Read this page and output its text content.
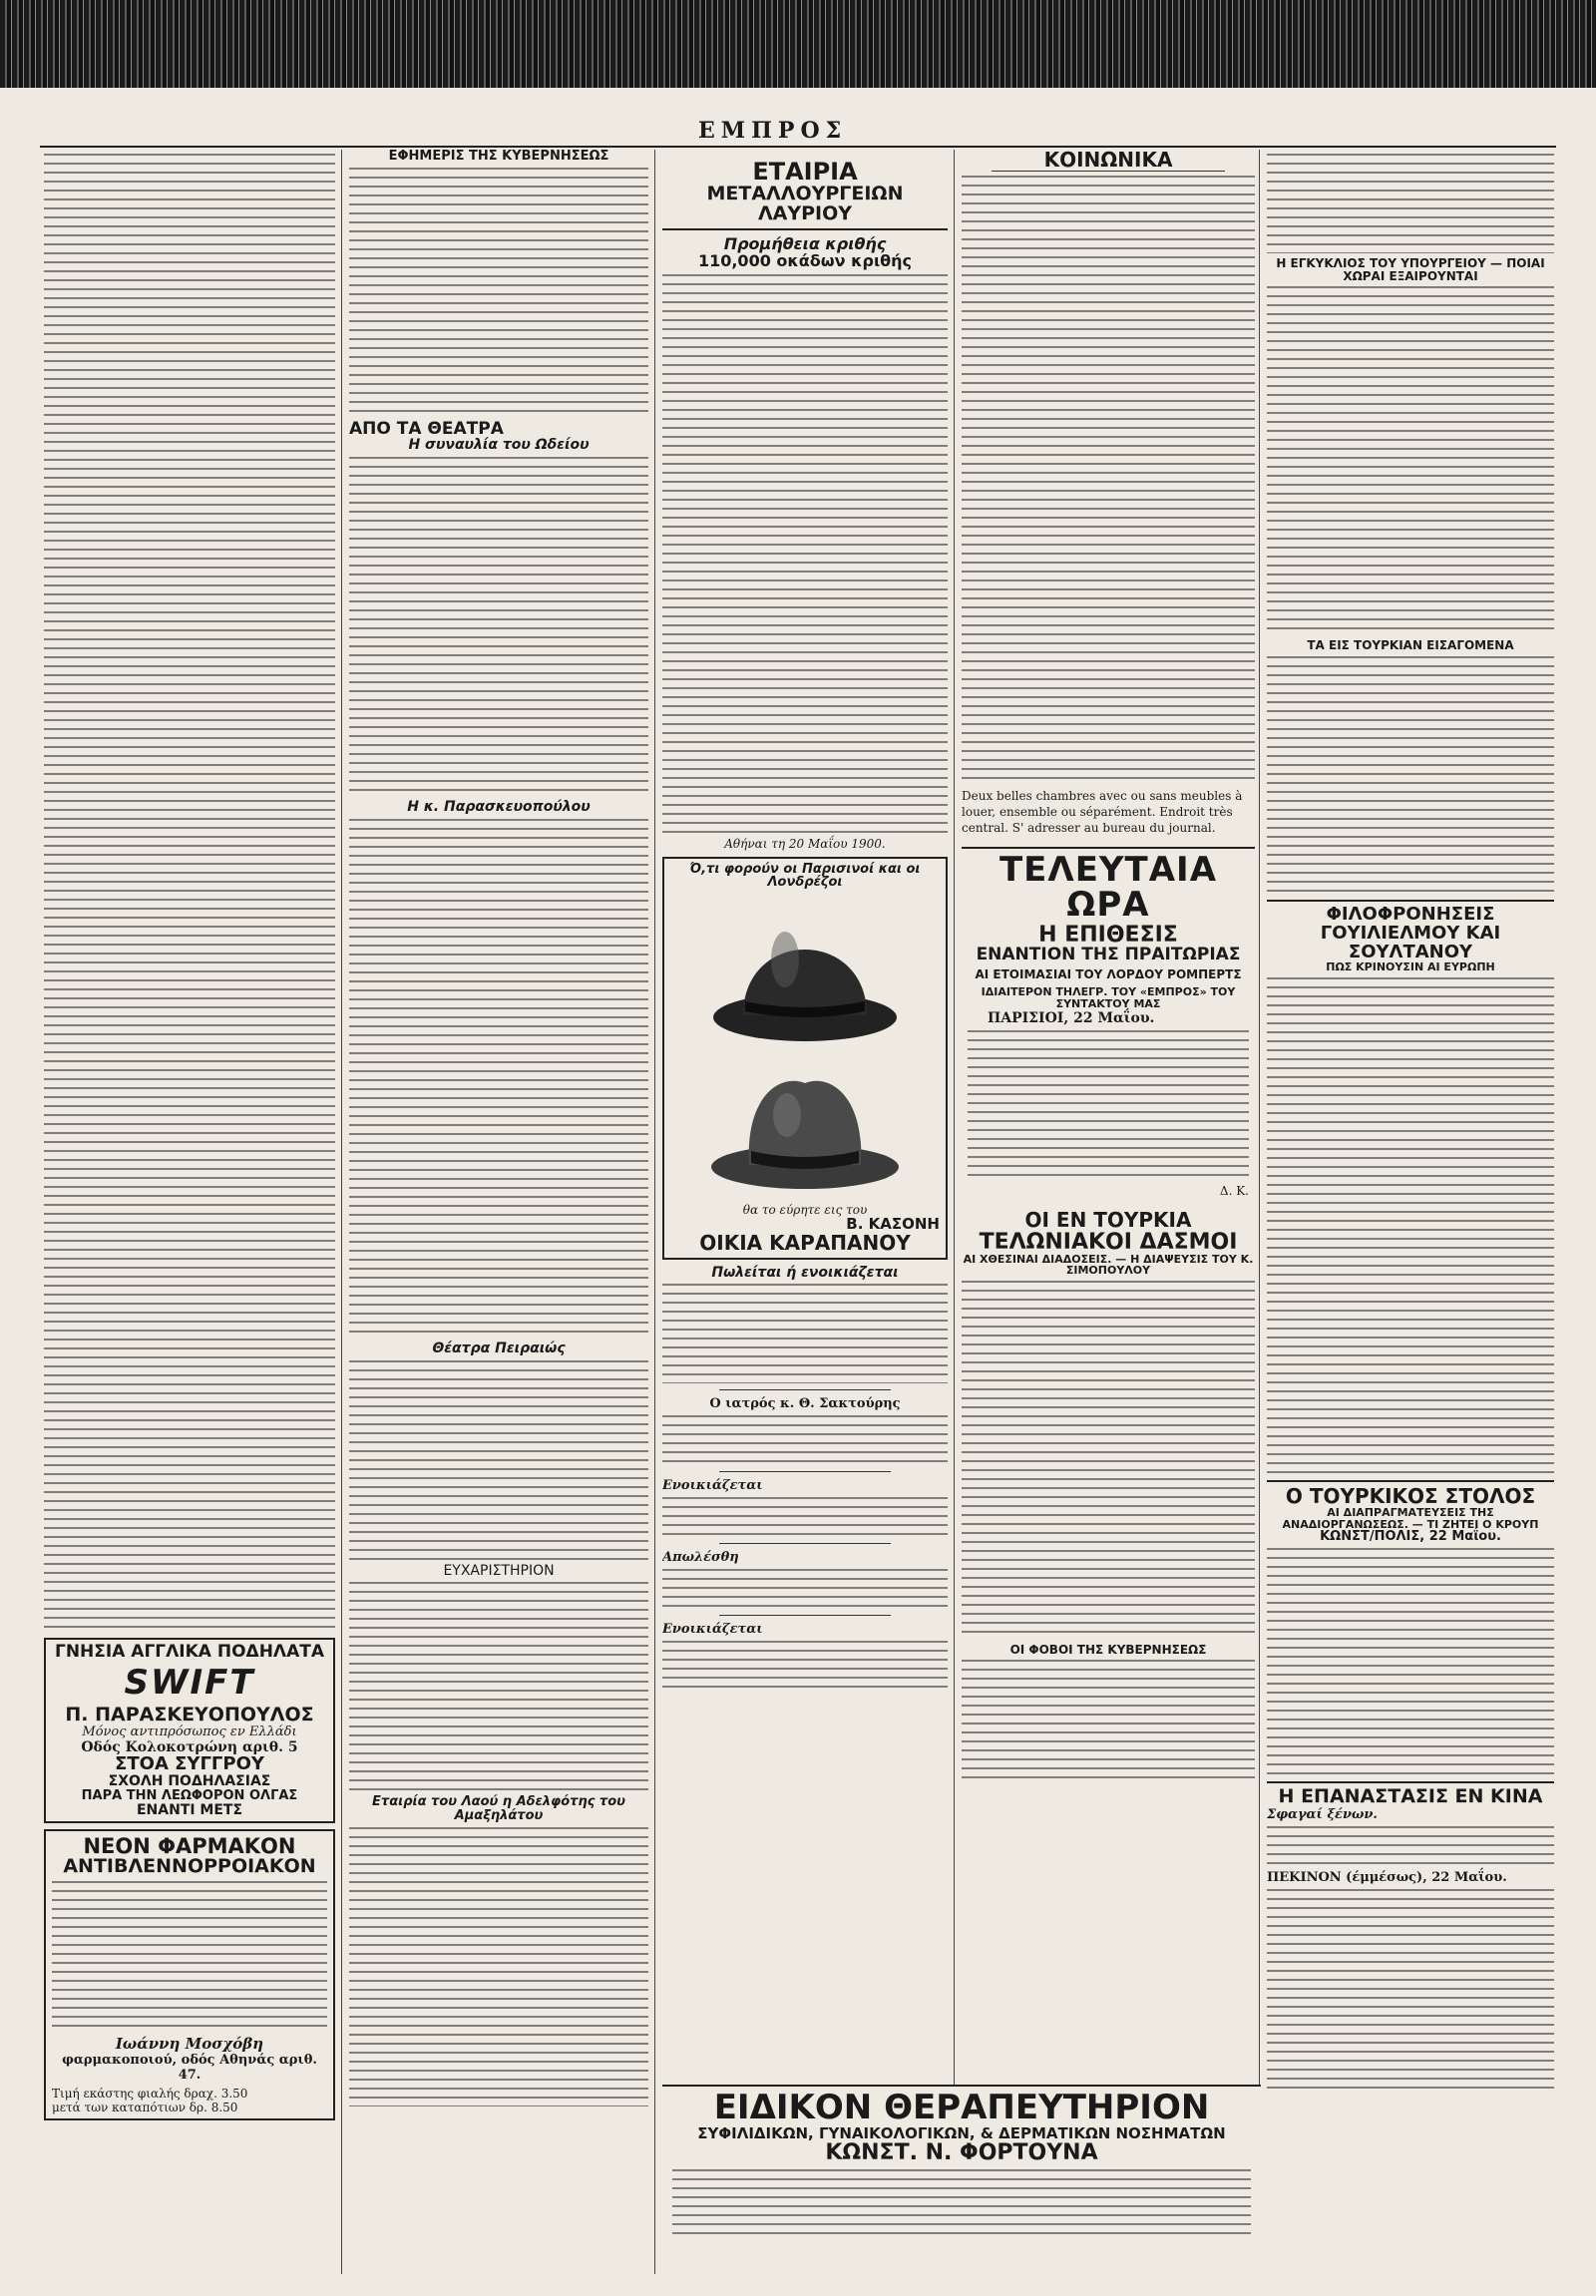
ΕΜΠΡΟΣ
ΓΝΗΣΙΑ ΑΓΓΛΙΚΑ ΠΟΔΗΛΑΤΑ
SWIFT
Π. ΠΑΡΑΣΚΕΥΟΠΟΥΛΟΣ
Μόνος αντιπρόσωπος εν Ελλάδι
Οδός Κολοκοτρώνη αριθ. 5
ΣΤΟΑ ΣΥΓΓΡΟΥ
ΣΧΟΛΗ ΠΟΔΗΛΑΣΙΑΣ
ΠΑΡΑ ΤΗΝ ΛΕΩΦΟΡΟΝ ΟΛΓΑΣ
ΕΝΑΝΤΙ ΜΕΤΣ
ΝΕΟΝ ΦΑΡΜΑΚΟΝ
ΑΝΤΙΒΛΕΝΝΟΡΡΟΙΑΚΟΝ
Ιωάννη Μοσχόβη
φαρμακοποιού, οδός Αθηνάς αριθ. 47.
Τιμή εκάστης φιαλής δραχ. 3.50
μετά των καταπότιων δρ. 8.50
ΕΦΗΜΕΡΙΣ ΤΗΣ ΚΥΒΕΡΝΗΣΕΩΣ
ΑΠΟ ΤΑ ΘΕΑΤΡΑ
Η συναυλία του Ωδείου
Η κ. Παρασκευοπούλου
Θέατρα Πειραιώς
ΕΥΧΑΡΙΣΤΗΡΙΟΝ
Εταιρία του Λαού η Αδελφότης του Αμαξηλάτου
ΕΤΑΙΡΙΑ
ΜΕΤΑΛΛΟΥΡΓΕΙΩΝ ΛΑΥΡΙΟΥ
Προμήθεια κριθής
110,000 οκάδων κριθής
Αθήναι τη 20 Μαΐου 1900.
Ό,τι φορούν οι Παρισινοί και οι Λονδρέζοι
θα το εύρητε εις του
Β. ΚΑΣΟΝΗ
ΟΙΚΙΑ ΚΑΡΑΠΑΝΟΥ
Πωλείται ή ενοικιάζεται
Ο ιατρός κ. Θ. Σακτούρης
Ενοικιάζεται
Απωλέσθη
Ενοικιάζεται
ΚΟΙΝΩΝΙΚΑ
Deux belles chambres avec ou sans meubles à louer, ensemble ou séparément. Endroit très central. S' adresser au bureau du journal.
ΤΕΛΕΥΤΑΙΑ ΩΡΑ
Η ΕΠΙΘΕΣΙΣ
ΕΝΑΝΤΙΟΝ ΤΗΣ ΠΡΑΙΤΩΡΙΑΣ
ΑΙ ΕΤΟΙΜΑΣΙΑΙ ΤΟΥ ΛΟΡΔΟΥ ΡΟΜΠΕΡΤΣ
ΙΔΙΑΙΤΕΡΟΝ ΤΗΛΕΓΡ. ΤΟΥ «ΕΜΠΡΟΣ» ΤΟΥ ΣΥΝΤΑΚΤΟΥ ΜΑΣ
ΠΑΡΙΣΙΟΙ, 22 Μαΐου.
Δ. Κ.
ΟΙ ΕΝ ΤΟΥΡΚΙΑ
ΤΕΛΩΝΙΑΚΟΙ ΔΑΣΜΟΙ
ΑΙ ΧΘΕΣΙΝΑΙ ΔΙΑΔΟΣΕΙΣ. — Η ΔΙΑΨΕΥΣΙΣ ΤΟΥ Κ. ΣΙΜΟΠΟΥΛΟΥ
ΟΙ ΦΟΒΟΙ ΤΗΣ ΚΥΒΕΡΝΗΣΕΩΣ
ΕΙΔΙΚΟΝ ΘΕΡΑΠΕΥΤΗΡΙΟΝ
ΣΥΦΙΛΙΔΙΚΩΝ, ΓΥΝΑΙΚΟΛΟΓΙΚΩΝ, & ΔΕΡΜΑΤΙΚΩΝ ΝΟΣΗΜΑΤΩΝ
ΚΩΝΣΤ. Ν. ΦΟΡΤΟΥΝΑ
Η ΕΓΚΥΚΛΙΟΣ ΤΟΥ ΥΠΟΥΡΓΕΙΟΥ — ΠΟΙΑΙ ΧΩΡΑΙ ΕΞΑΙΡΟΥΝΤΑΙ
ΤΑ ΕΙΣ ΤΟΥΡΚΙΑΝ ΕΙΣΑΓΟΜΕΝΑ
ΦΙΛΟΦΡΟΝΗΣΕΙΣ
ΓΟΥΙΛΙΕΛΜΟΥ ΚΑΙ ΣΟΥΛΤΑΝΟΥ
ΠΩΣ ΚΡΙΝΟΥΣΙΝ ΑΙ ΕΥΡΩΠΗ
Ο ΤΟΥΡΚΙΚΟΣ ΣΤΟΛΟΣ
ΑΙ ΔΙΑΠΡΑΓΜΑΤΕΥΣΕΙΣ ΤΗΣ ΑΝΑΔΙΟΡΓΑΝΩΣΕΩΣ. — ΤΙ ΖΗΤΕΙ Ο ΚΡΟΥΠ
ΚΩΝΣΤ/ΠΟΛΙΣ, 22 Μαΐου.
Η ΕΠΑΝΑΣΤΑΣΙΣ ΕΝ ΚΙΝΑ
Σφαγαί ξένων.
ΠΕΚΙΝΟΝ (έμμέσως), 22 Μαΐου.
